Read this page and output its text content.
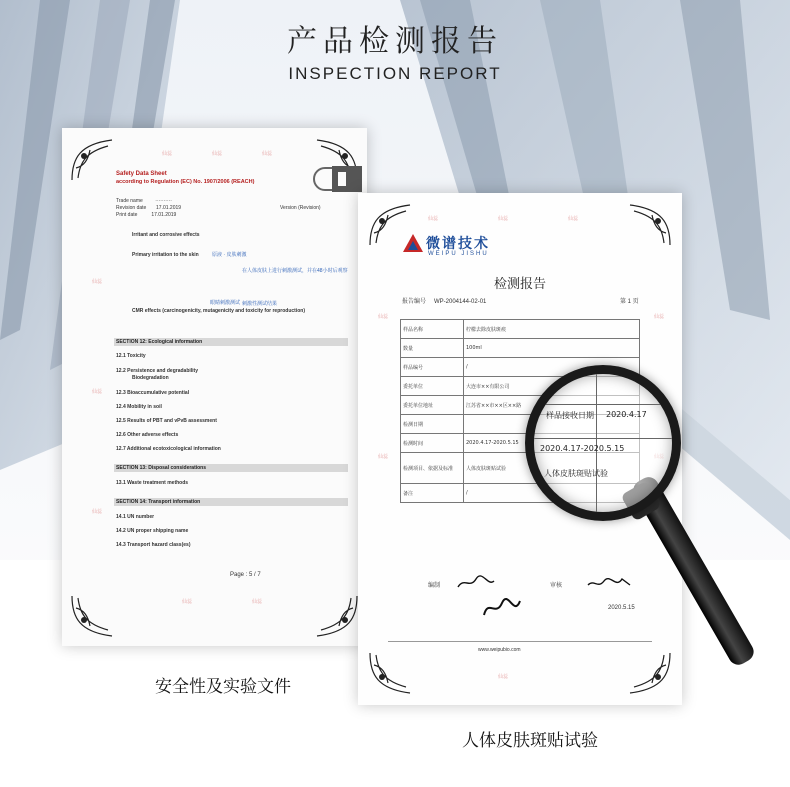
产品检测报告
INSPECTION REPORT
Safety Data Sheet
according to Regulation (EC) No. 1907/2006 (REACH)
Trade name	··········
Revision date 17.01.2019
Print date	17.01.2019
Version (Revision)
Irritant and corrosive effects
Primary irritation to the skin	原液 · 皮肤刺激
在人体皮肤上进行刺激测试，并在48小时后观察
眼睛刺激测试 刺激性测试结果
CMR effects (carcinogenicity, mutagenicity and toxicity for reproduction)
SECTION 12: Ecological information
12.1 Toxicity
12.2 Persistence and degradability
Biodegradation
12.3 Bioaccumulative potential
12.4 Mobility in soil
12.5 Results of PBT and vPvB assessment
12.6 Other adverse effects
12.7 Additional ecotoxicological information
SECTION 13: Disposal considerations
13.1 Waste treatment methods
SECTION 14: Transport information
14.1 UN number
14.2 UN proper shipping name
14.3 Transport hazard class(es)
Page : 5 / 7
仙蕊	仙蕊	仙蕊
仙蕊
仙蕊
仙蕊
仙蕊	仙蕊
微谱技术
WEIPU JISHU
检测报告
报告编号 WP-2004144-02-01	第 1 页
样品名称	柠檬去除皮肤斑痕
数量	100ml
样品编号	/
委托单位	大连市××有限公司
委托单位地址	江苏省××市××区××路
检测日期	
检测时间	2020.4.17-2020.5.15
检测项目、依据及标准	人体皮肤斑贴试验
备注	/
编制	审核
2020.5.15
www.weipubio.com
仙蕊	仙蕊	仙蕊
仙蕊
仙蕊
仙蕊
仙蕊
样品接收日期 2020.4.17
2020.4.17-2020.5.15
人体皮肤斑贴试验
安全性及实验文件
人体皮肤斑贴试验
